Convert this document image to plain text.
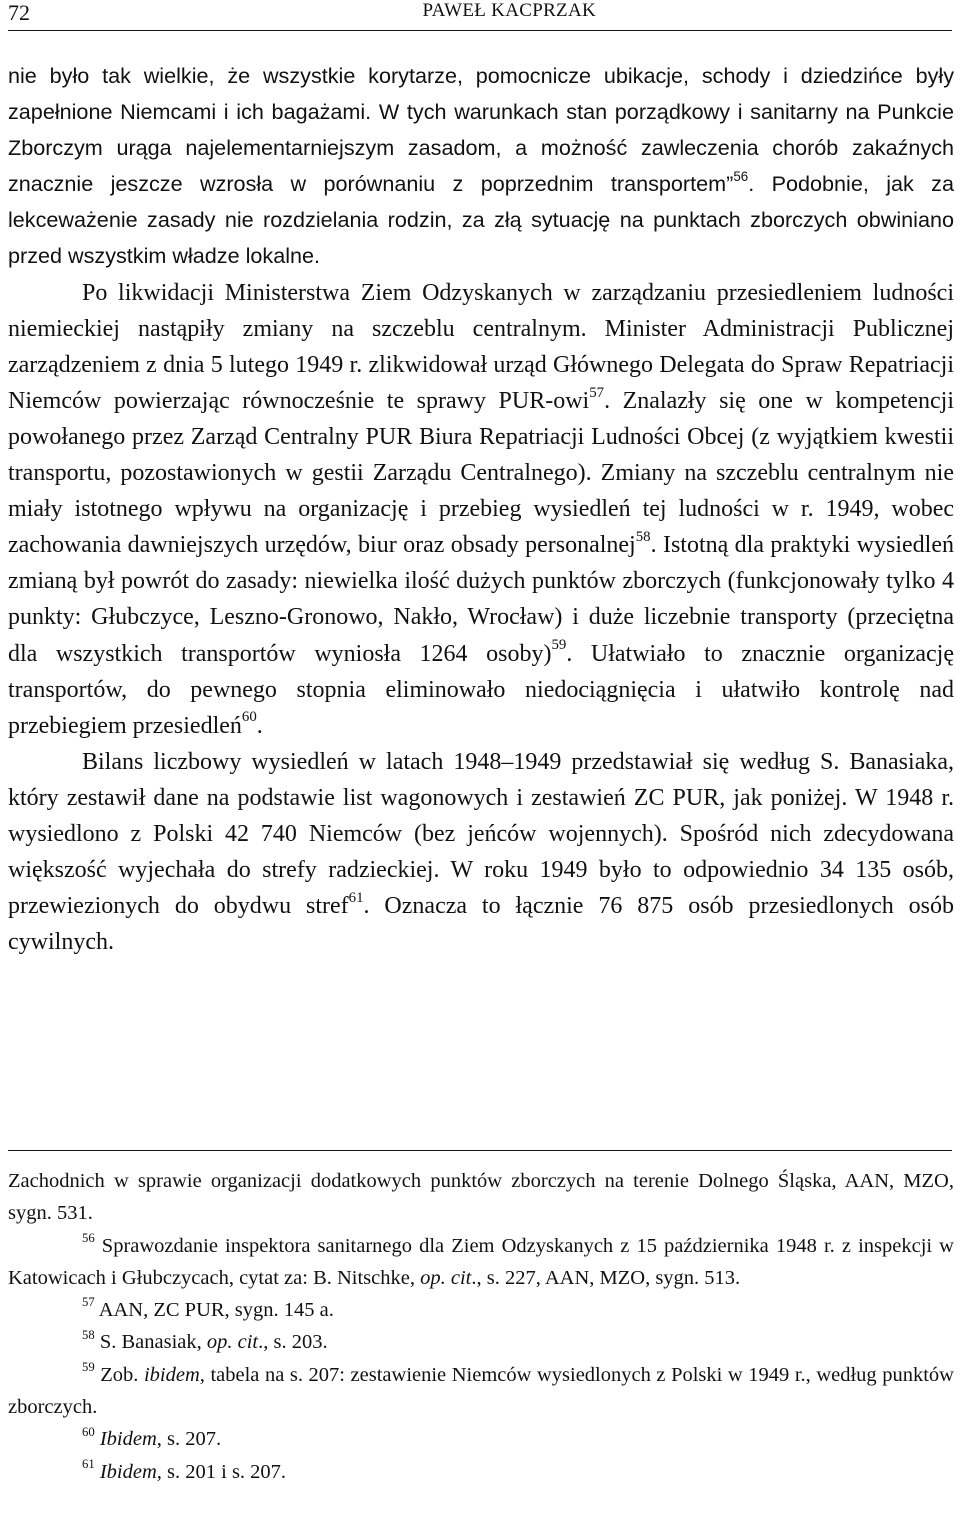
72	PAWEŁ KACPRZAK

nie było tak wielkie, że wszystkie korytarze, pomocnicze ubikacje, schody i dziedzińce były zapełnione Niemcami i ich bagażami. W tych warunkach stan porządkowy i sanitarny na Punkcie Zborczym urąga najelementarniejszym zasadom, a możność zawleczenia chorób zakaźnych znacznie jeszcze wzrosła w porównaniu z poprzednim transportem”$^{56}$. Podobnie, jak za lekceważenie zasady nie rozdzielania rodzin, za złą sytuację na punktach zborczych obwiniano przed wszystkim władze lokalne.

Po likwidacji Ministerstwa Ziem Odzyskanych w zarządzaniu przesiedleniem ludności niemieckiej nastąpiły zmiany na szczeblu centralnym. Minister Administracji Publicznej zarządzeniem z dnia 5 lutego 1949 r. zlikwidował urząd Głównego Delegata do Spraw Repatriacji Niemców powierzając równocześnie te sprawy PUR-owi$^{57}$. Znalazły się one w kompetencji powołanego przez Zarząd Centralny PUR Biura Repatriacji Ludności Obcej (z wyjątkiem kwestii transportu, pozostawionych w gestii Zarządu Centralnego). Zmiany na szczeblu centralnym nie miały istotnego wpływu na organizację i przebieg wysiedleń tej ludności w r. 1949, wobec zachowania dawniejszych urzędów, biur oraz obsady personalnej$^{58}$. Istotną dla praktyki wysiedleń zmianą był powrót do zasady: niewielka ilość dużych punktów zborczych (funkcjonowały tylko 4 punkty: Głubczyce, Leszno-Gronowo, Nakło, Wrocław) i duże liczebnie transporty (przeciętna dla wszystkich transportów wyniosła 1264 osoby)$^{59}$. Ułatwiało to znacznie organizację transportów, do pewnego stopnia eliminowało niedociągnięcia i ułatwiło kontrolę nad przebiegiem przesiedleń$^{60}$.

Bilans liczbowy wysiedleń w latach 1948–1949 przedstawiał się według S. Banasiaka, który zestawił dane na podstawie list wagonowych i zestawień ZC PUR, jak poniżej. W 1948 r. wysiedlono z Polski 42 740 Niemców (bez jeńców wojennych). Spośród nich zdecydowana większość wyjechała do strefy radzieckiej. W roku 1949 było to odpowiednio 34 135 osób, przewiezionych do obydwu stref$^{61}$. Oznacza to łącznie 76 875 osób przesiedlonych osób cywilnych.

Zachodnich w sprawie organizacji dodatkowych punktów zborczych na terenie Dolnego Śląska, AAN, MZO, sygn. 531.

$^{56}$ Sprawozdanie inspektora sanitarnego dla Ziem Odzyskanych z 15 października 1948 r. z inspekcji w Katowicach i Głubczycach, cytat za: B. Nitschke, op. cit., s. 227, AAN, MZO, sygn. 513.

$^{57}$ AAN, ZC PUR, sygn. 145 a.

$^{58}$ S. Banasiak, op. cit., s. 203.

$^{59}$ Zob. ibidem, tabela na s. 207: zestawienie Niemców wysiedlonych z Polski w 1949 r., według punktów zborczych.

$^{60}$ Ibidem, s. 207.

$^{61}$ Ibidem, s. 201 i s. 207.
